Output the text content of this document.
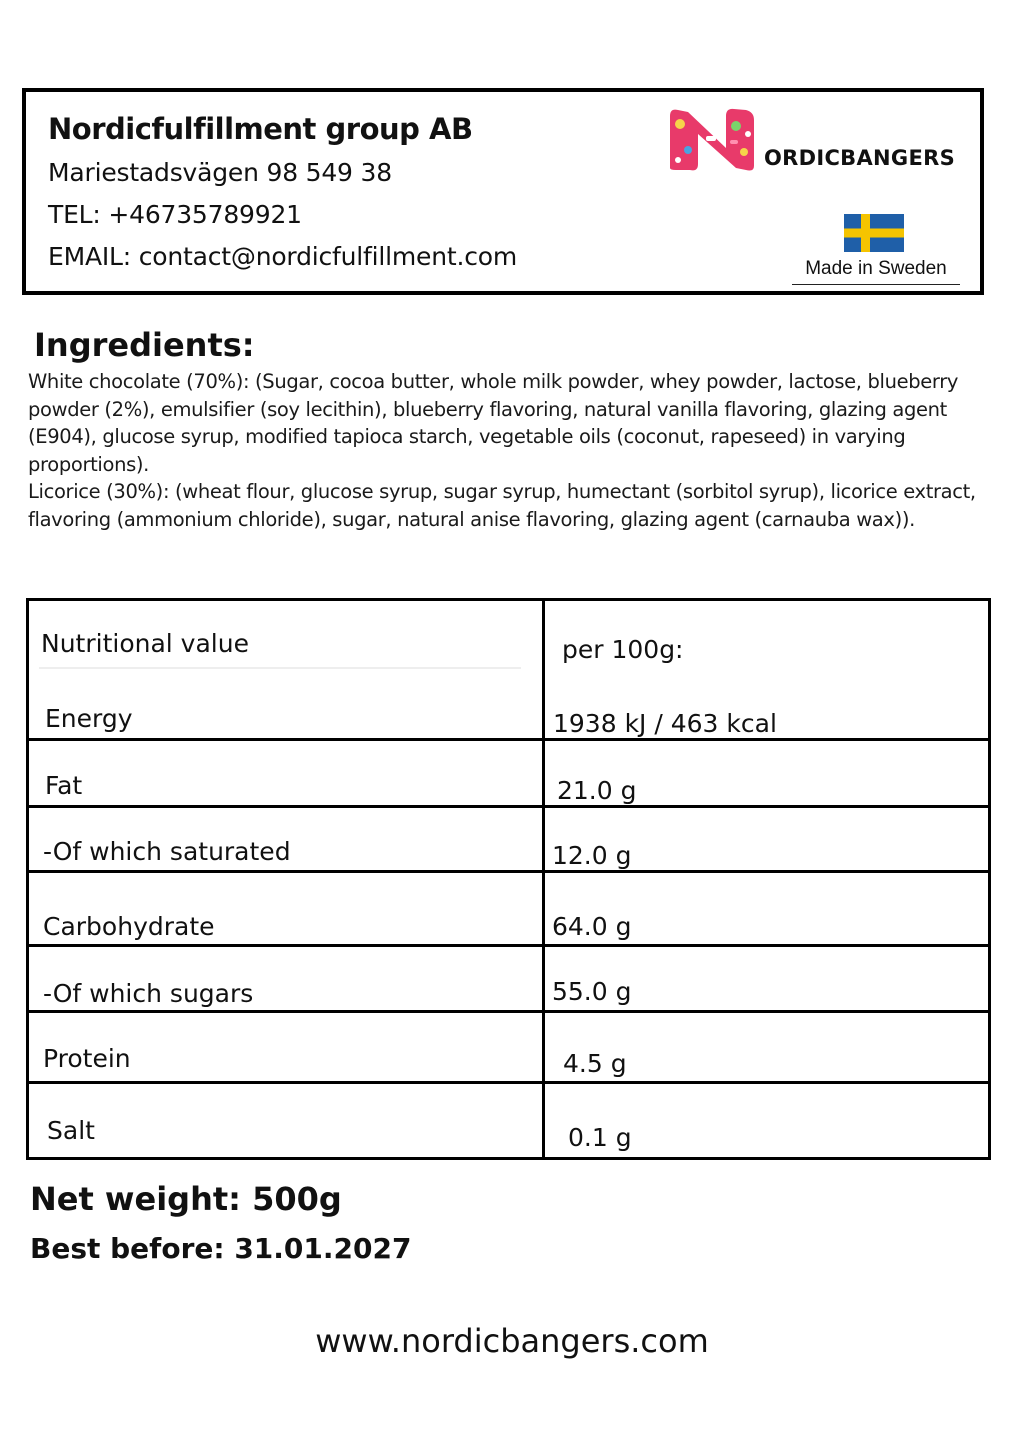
Nordicfulfillment group AB
Mariestadsvägen 98 549 38
TEL: +46735789921
EMAIL: contact@nordicfulfillment.com
ORDICBANGERS
Made in Sweden
Ingredients:

White chocolate (70%): (Sugar, cocoa butter, whole milk powder, whey powder, lactose, blueberry powder (2%), emulsifier (soy lecithin), blueberry flavoring, natural vanilla flavoring, glazing agent (E904), glucose syrup, modified tapioca starch, vegetable oils (coconut, rapeseed) in varying proportions).

Licorice (30%): (wheat flour, glucose syrup, sugar syrup, humectant (sorbitol syrup), licorice extract, flavoring (ammonium chloride), sugar, natural anise flavoring, glazing agent (carnauba wax)).

Nutritional value	per 100g:
Energy	1938 kJ / 463 kcal
Fat	21.0 g
-Of which saturated	12.0 g
Carbohydrate	64.0 g
-Of which sugars	55.0 g
Protein	4.5 g
Salt	0.1 g
Net weight: 500g
Best before: 31.01.2027
www.nordicbangers.com
